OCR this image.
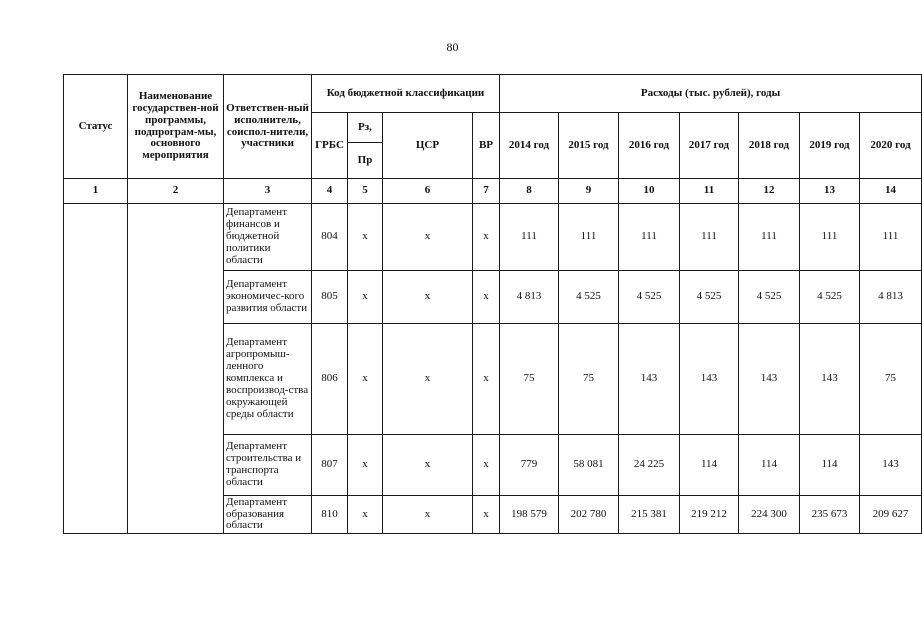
80
Статус	Наименование государствен-ной программы, подпрограм-мы, основного мероприятия	Ответствен-ный исполнитель, соиспол-нители, участники	Код бюджетной классификации				Расходы (тыс. рублей), годы						
			ГРБС	Рз,	ЦСР	ВР	2014 год	2015 год	2016 год	2017 год	2018 год	2019 год	2020 год
				Пр									
1	2	3	4	5	6	7	8	9	10	11	12	13	14
		Департамент финансов и бюджетной политики области	804	х	х	х	111	111	111	111	111	111	111
		Департамент экономичес-кого развития области	805	х	х	х	4 813	4 525	4 525	4 525	4 525	4 525	4 813
		Департамент агропромыш-ленного комплекса и воспроизвод-ства окружающей среды области	806	х	х	х	75	75	143	143	143	143	75
		Департамент строительства и транспорта области	807	х	х	х	779	58 081	24 225	114	114	114	143
		Департамент образования области	810	х	х	х	198 579	202 780	215 381	219 212	224 300	235 673	209 627
